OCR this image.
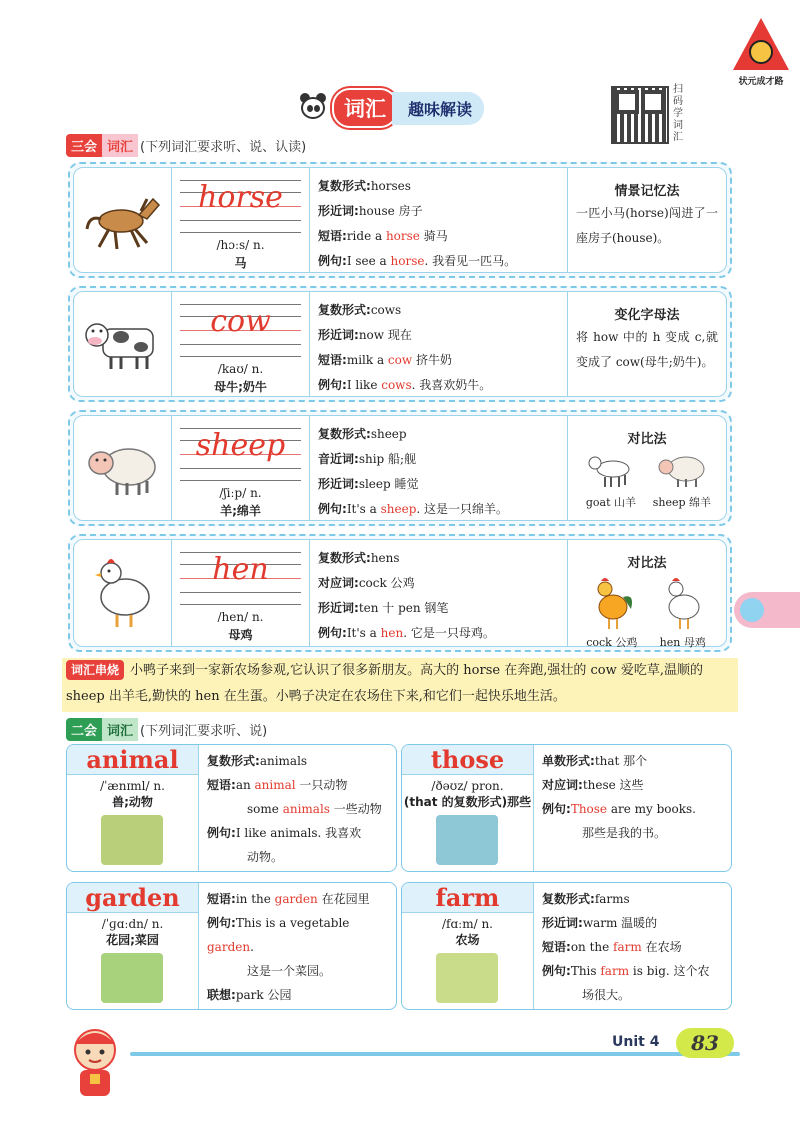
状元成才路
词汇	趣味解读
扫码学词汇
三会 词汇 (下列词汇要求听、说、认读)
horse
/hɔːs/ n.
马
复数形式:horses
形近词:house 房子
短语:ride a horse 骑马
例句:I see a horse. 我看见一匹马。
情景记忆法
一匹小马(horse)闯进了一座房子(house)。
cow
/kaʊ/ n.
母牛;奶牛
复数形式:cows
形近词:now 现在
短语:milk a cow 挤牛奶
例句:I like cows. 我喜欢奶牛。
变化字母法
将 how 中的 h 变成 c,就变成了 cow(母牛;奶牛)。
sheep
/ʃiːp/ n.
羊;绵羊
复数形式:sheep
音近词:ship 船;舰
形近词:sleep 睡觉
例句:It's a sheep. 这是一只绵羊。
对比法
goat 山羊 sheep 绵羊
hen
/hen/ n.
母鸡
复数形式:hens
对应词:cock 公鸡
形近词:ten 十 pen 钢笔
例句:It's a hen. 它是一只母鸡。
对比法
cock 公鸡 hen 母鸡
词汇串烧 小鸭子来到一家新农场参观,它认识了很多新朋友。高大的 horse 在奔跑,强壮的 cow 爱吃草,温顺的 sheep 出羊毛,勤快的 hen 在生蛋。小鸭子决定在农场住下来,和它们一起快乐地生活。
二会 词汇 (下列词汇要求听、说)
animal
/ˈænɪml/ n.
兽;动物
复数形式:animals
短语:an animal 一只动物
some animals 一些动物
例句:I like animals. 我喜欢
动物。
those
/ðəʊz/ pron.
(that 的复数形式)那些
单数形式:that 那个
对应词:these 这些
例句:Those are my books.
那些是我的书。
garden
/ˈɡɑːdn/ n.
花园;菜园
短语:in the garden 在花园里
例句:This is a vegetable garden.
这是一个菜园。
联想:park 公园
farm
/fɑːm/ n.
农场
复数形式:farms
形近词:warm 温暖的
短语:on the farm 在农场
例句:This farm is big. 这个农
场很大。
Unit 4	83
